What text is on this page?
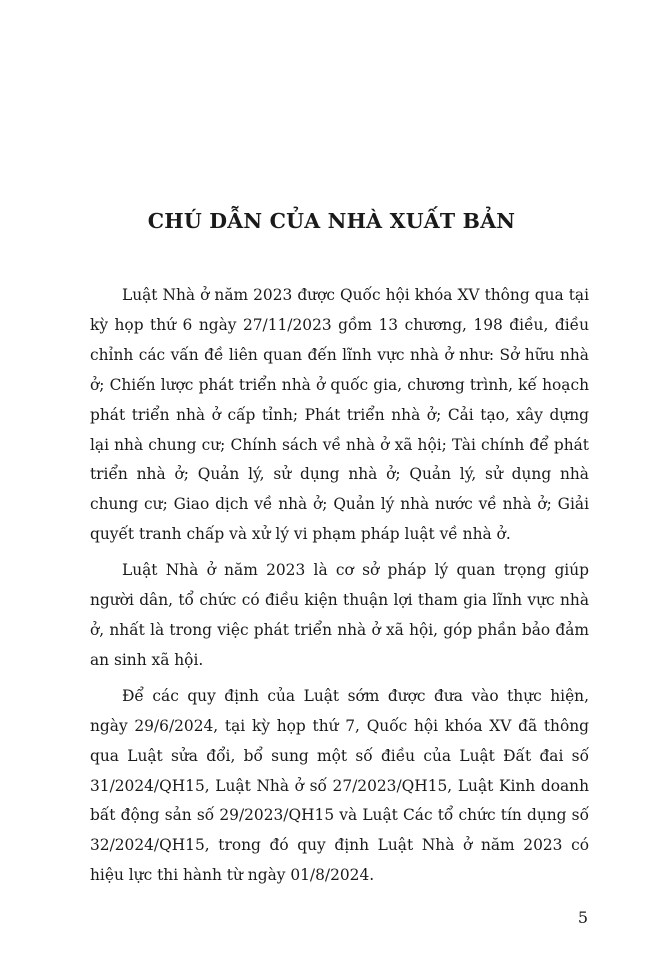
CHÚ DẪN CỦA NHÀ XUẤT BẢN

Luật Nhà ở năm 2023 được Quốc hội khóa XV thông qua tại kỳ họp thứ 6 ngày 27/11/2023 gồm 13 chương, 198 điều, điều chỉnh các vấn đề liên quan đến lĩnh vực nhà ở như: Sở hữu nhà ở; Chiến lược phát triển nhà ở quốc gia, chương trình, kế hoạch phát triển nhà ở cấp tỉnh; Phát triển nhà ở; Cải tạo, xây dựng lại nhà chung cư; Chính sách về nhà ở xã hội; Tài chính để phát triển nhà ở; Quản lý, sử dụng nhà ở; Quản lý, sử dụng nhà chung cư; Giao dịch về nhà ở; Quản lý nhà nước về nhà ở; Giải quyết tranh chấp và xử lý vi phạm pháp luật về nhà ở.

Luật Nhà ở năm 2023 là cơ sở pháp lý quan trọng giúp người dân, tổ chức có điều kiện thuận lợi tham gia lĩnh vực nhà ở, nhất là trong việc phát triển nhà ở xã hội, góp phần bảo đảm an sinh xã hội.

Để các quy định của Luật sớm được đưa vào thực hiện, ngày 29/6/2024, tại kỳ họp thứ 7, Quốc hội khóa XV đã thông qua Luật sửa đổi, bổ sung một số điều của Luật Đất đai số 31/2024/QH15, Luật Nhà ở số 27/2023/QH15, Luật Kinh doanh bất động sản số 29/2023/QH15 và Luật Các tổ chức tín dụng số 32/2024/QH15, trong đó quy định Luật Nhà ở năm 2023 có hiệu lực thi hành từ ngày 01/8/2024.

5
